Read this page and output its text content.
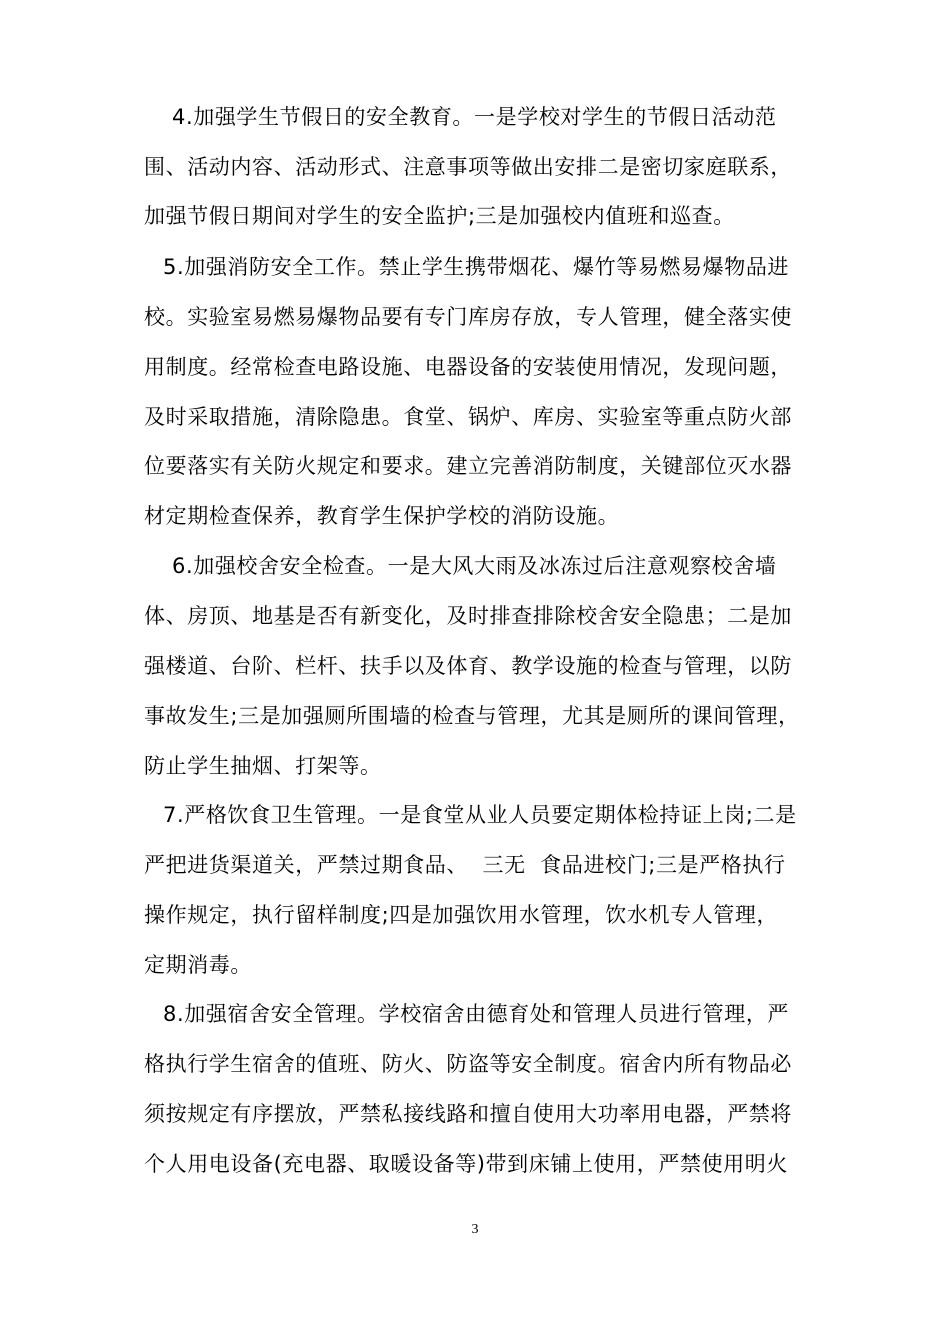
4.加强学生节假日的安全教育。一是学校对学生的节假日活动范
围、活动内容、活动形式、注意事项等做出安排二是密切家庭联系，
加强节假日期间对学生的安全监护;三是加强校内值班和巡查。
5.加强消防安全工作。禁止学生携带烟花、爆竹等易燃易爆物品进
校。实验室易燃易爆物品要有专门库房存放，专人管理，健全落实使
用制度。经常检查电路设施、电器设备的安装使用情况，发现问题，
及时采取措施，清除隐患。食堂、锅炉、库房、实验室等重点防火部
位要落实有关防火规定和要求。建立完善消防制度，关键部位灭水器
材定期检查保养，教育学生保护学校的消防设施。
6.加强校舍安全检查。一是大风大雨及冰冻过后注意观察校舍墙
体、房顶、地基是否有新变化，及时排查排除校舍安全隐患；二是加
强楼道、台阶、栏杆、扶手以及体育、教学设施的检查与管理，以防
事故发生;三是加强厕所围墙的检查与管理，尤其是厕所的课间管理，
防止学生抽烟、打架等。
7.严格饮食卫生管理。一是食堂从业人员要定期体检持证上岗;二是
严把进货渠道关，严禁过期食品、  三无  食品进校门;三是严格执行
操作规定，执行留样制度;四是加强饮用水管理，饮水机专人管理，
定期消毒。
8.加强宿舍安全管理。学校宿舍由德育处和管理人员进行管理，严
格执行学生宿舍的值班、防火、防盗等安全制度。宿舍内所有物品必
须按规定有序摆放，严禁私接线路和擅自使用大功率用电器，严禁将
个人用电设备(充电器、取暖设备等)带到床铺上使用，严禁使用明火
3
